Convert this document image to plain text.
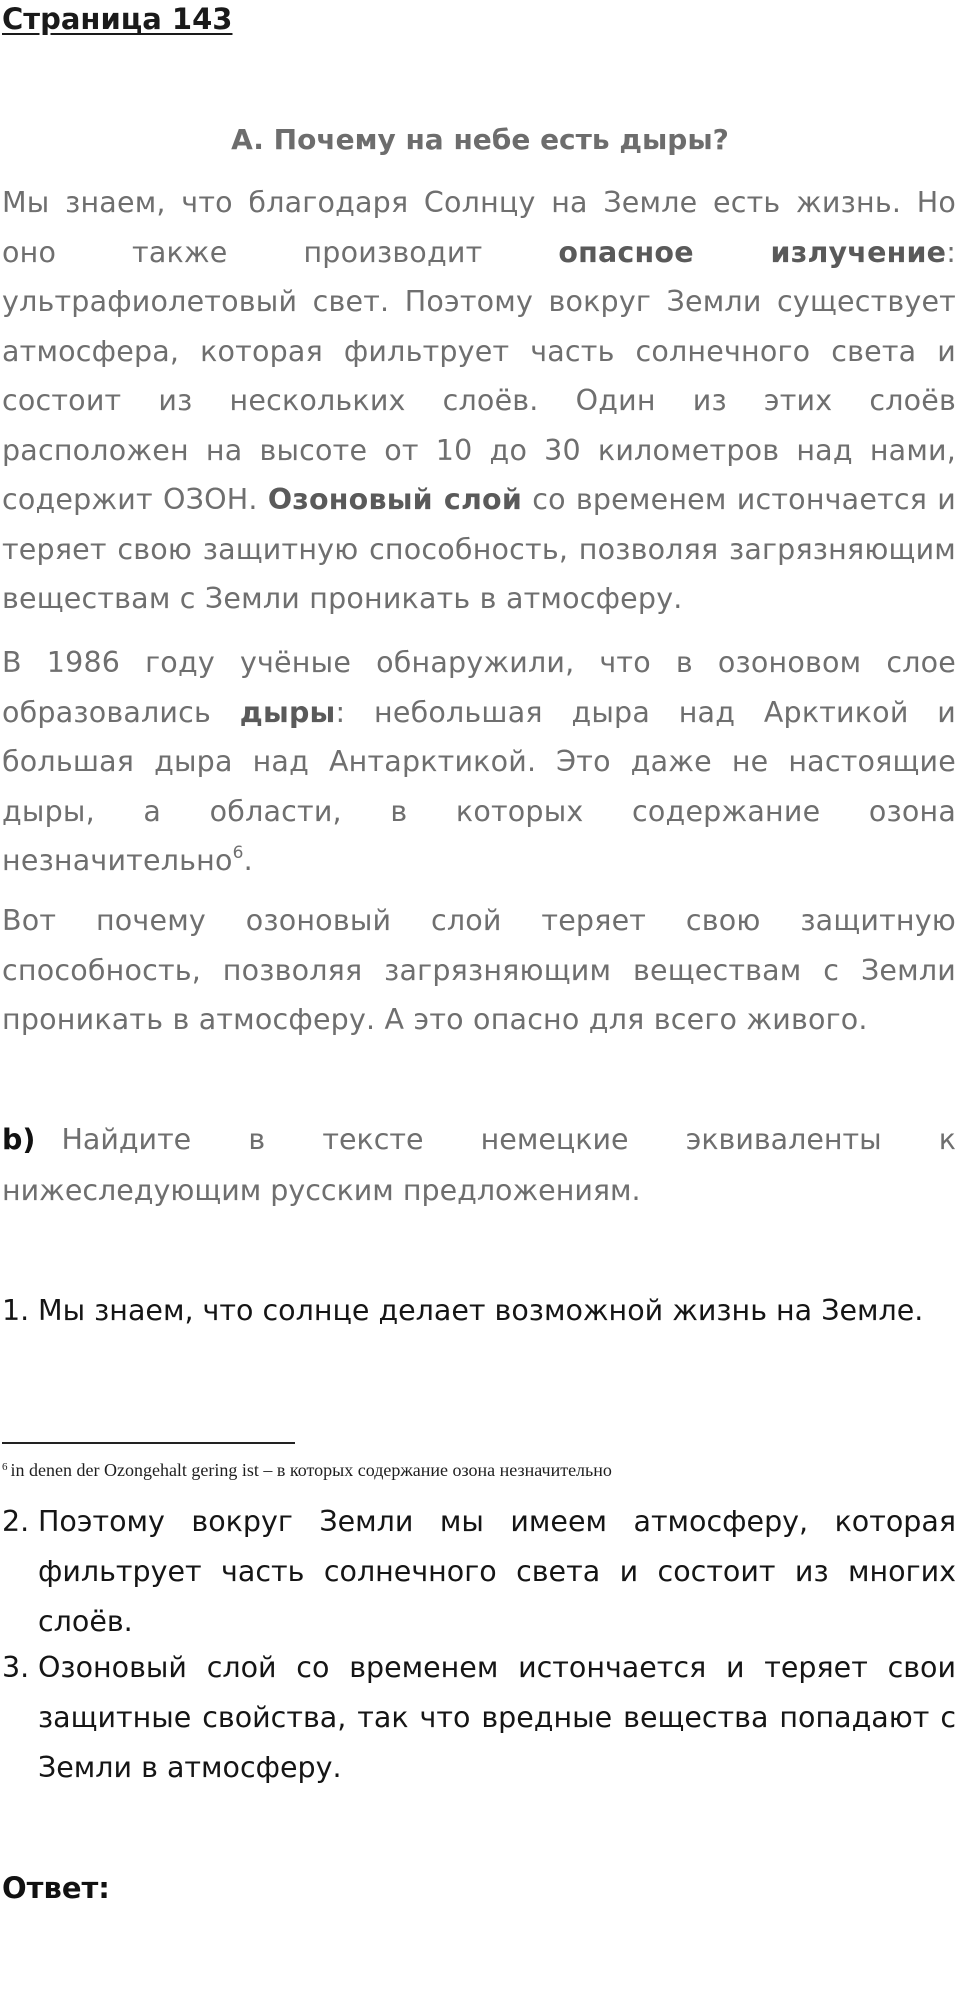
Страница 143
A. Почему на небе есть дыры?
Мы знаем, что благодаря Солнцу на Земле есть жизнь. Но оно также производит опасное излучение: ультрафиолетовый свет. Поэтому вокруг Земли существует атмосфера, которая фильтрует часть солнечного света и состоит из нескольких слоёв. Один из этих слоёв расположен на высоте от 10 до 30 километров над нами, содержит ОЗОН. Озоновый слой со временем истончается и теряет свою защитную способность, позволяя загрязняющим веществам с Земли проникать в атмосферу.
В 1986 году учёные обнаружили, что в озоновом слое образовались дыры: небольшая дыра над Арктикой и большая дыра над Антарктикой. Это даже не настоящие дыры, а области, в которых содержание озона незначительно$^6$.
Вот почему озоновый слой теряет свою защитную способность, позволяя загрязняющим веществам с Земли проникать в атмосферу. А это опасно для всего живого.
b) Найдите в тексте немецкие эквиваленты к нижеследующим русским предложениям.
1. Мы знаем, что солнце делает возможной жизнь на Земле.
$^6$ in denen der Ozongehalt gering ist – в которых содержание озона незначительно
2. Поэтому вокруг Земли мы имеем атмосферу, которая фильтрует часть солнечного света и состоит из многих слоёв.
3. Озоновый слой со временем истончается и теряет свои защитные свойства, так что вредные вещества попадают с Земли в атмосферу.
Ответ:
